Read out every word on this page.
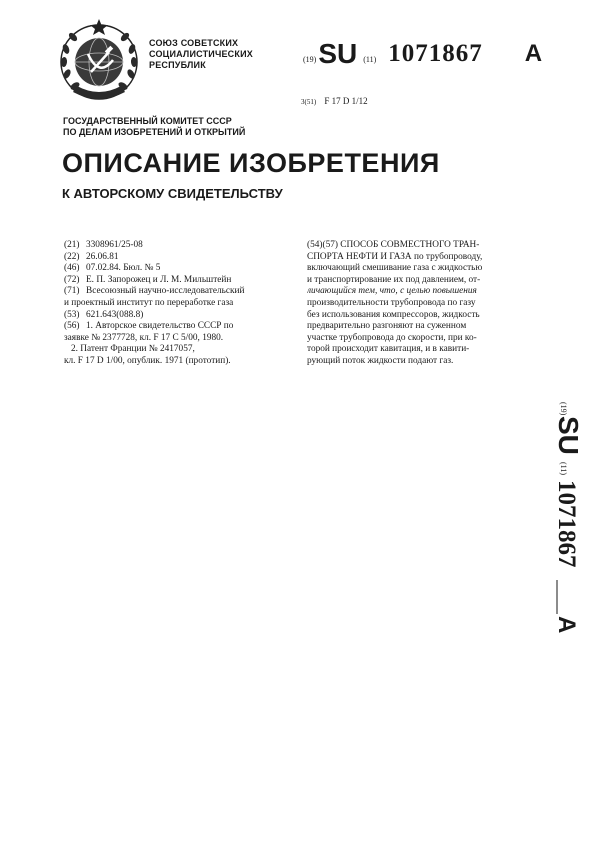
СОЮЗ СОВЕТСКИХ
СОЦИАЛИСТИЧЕСКИХ
РЕСПУБЛИК
(19)SU (11) 1071867 A
3(51) F 17 D 1/12
ГОСУДАРСТВЕННЫЙ КОМИТЕТ СССР
ПО ДЕЛАМ ИЗОБРЕТЕНИЙ И ОТКРЫТИЙ
ОПИСАНИЕ ИЗОБРЕТЕНИЯ
К АВТОРСКОМУ СВИДЕТЕЛЬСТВУ
(21) 3308961/25-08
(22) 26.06.81
(46) 07.02.84. Бюл. № 5
(72) Е. П. Запорожец и Л. М. Мильштейн
(71) Всесоюзный научно-исследовательский
и проектный институт по переработке газа
(53) 621.643(088.8)
(56) 1. Авторское свидетельство СССР по
заявке № 2377728, кл. F 17 С 5/00, 1980.
2. Патент Франции № 2417057,
кл. F 17 D 1/00, опублик. 1971 (прототип).
(54)(57) СПОСОБ СОВМЕСТНОГО ТРАН-
СПОРТА НЕФТИ И ГАЗА по трубопроводу,
включающий смешивание газа с жидкостью
и транспортирование их под давлением, от-
личающийся тем, что, с целью повышения
производительности трубопровода по газу
без использования компрессоров, жидкость
предварительно разгоняют на суженном
участке трубопровода до скорости, при ко-
торой происходит кавитация, и в кавити-
рующий поток жидкости подают газ.
(19)
SU
(11)
1071867
A
